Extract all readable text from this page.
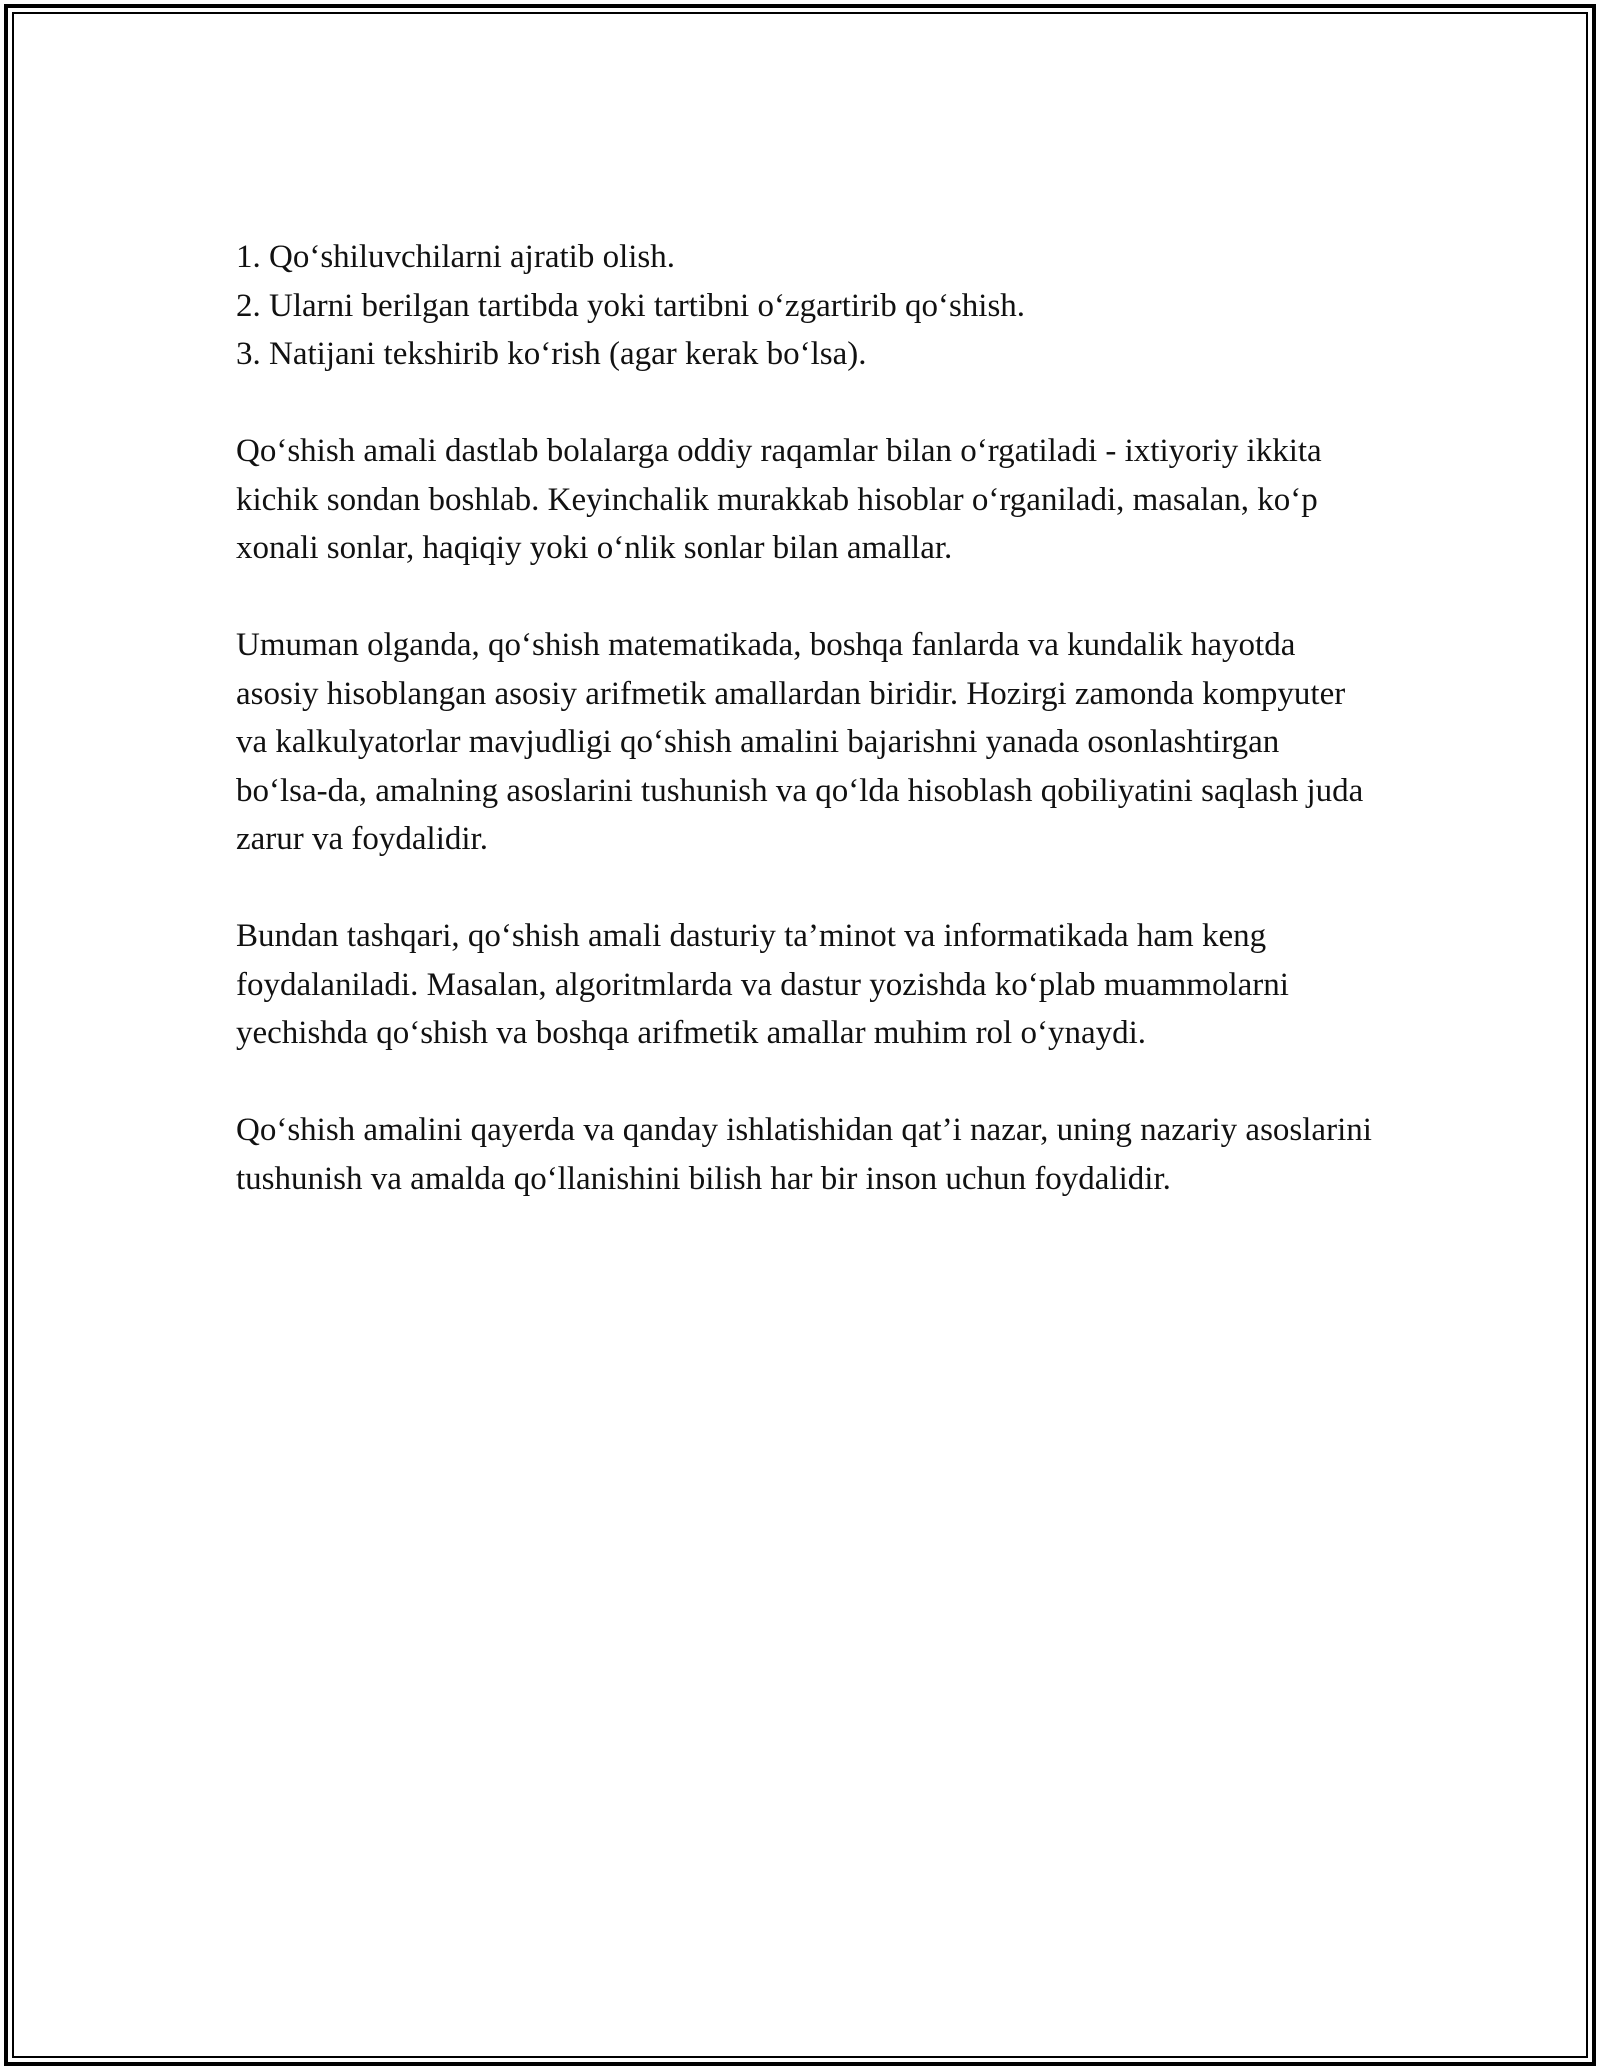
1. Qo‘shiluvchilarni ajratib olish.

2. Ularni berilgan tartibda yoki tartibni o‘zgartirib qo‘shish.

3. Natijani tekshirib ko‘rish (agar kerak bo‘lsa).

Qo‘shish amali dastlab bolalarga oddiy raqamlar bilan o‘rgatiladi - ixtiyoriy ikkita kichik sondan boshlab. Keyinchalik murakkab hisoblar o‘rganiladi, masalan, ko‘p xonali sonlar, haqiqiy yoki o‘nlik sonlar bilan amallar.

Umuman olganda, qo‘shish matematikada, boshqa fanlarda va kundalik hayotda asosiy hisoblangan asosiy arifmetik amallardan biridir. Hozirgi zamonda kompyuter va kalkulyatorlar mavjudligi qo‘shish amalini bajarishni yanada osonlashtirgan bo‘lsa-da, amalning asoslarini tushunish va qo‘lda hisoblash qobiliyatini saqlash juda zarur va foydalidir.

Bundan tashqari, qo‘shish amali dasturiy ta’minot va informatikada ham keng foydalaniladi. Masalan, algoritmlarda va dastur yozishda ko‘plab muammolarni yechishda qo‘shish va boshqa arifmetik amallar muhim rol o‘ynaydi.

Qo‘shish amalini qayerda va qanday ishlatishidan qat’i nazar, uning nazariy asoslarini tushunish va amalda qo‘llanishini bilish har bir inson uchun foydalidir.
